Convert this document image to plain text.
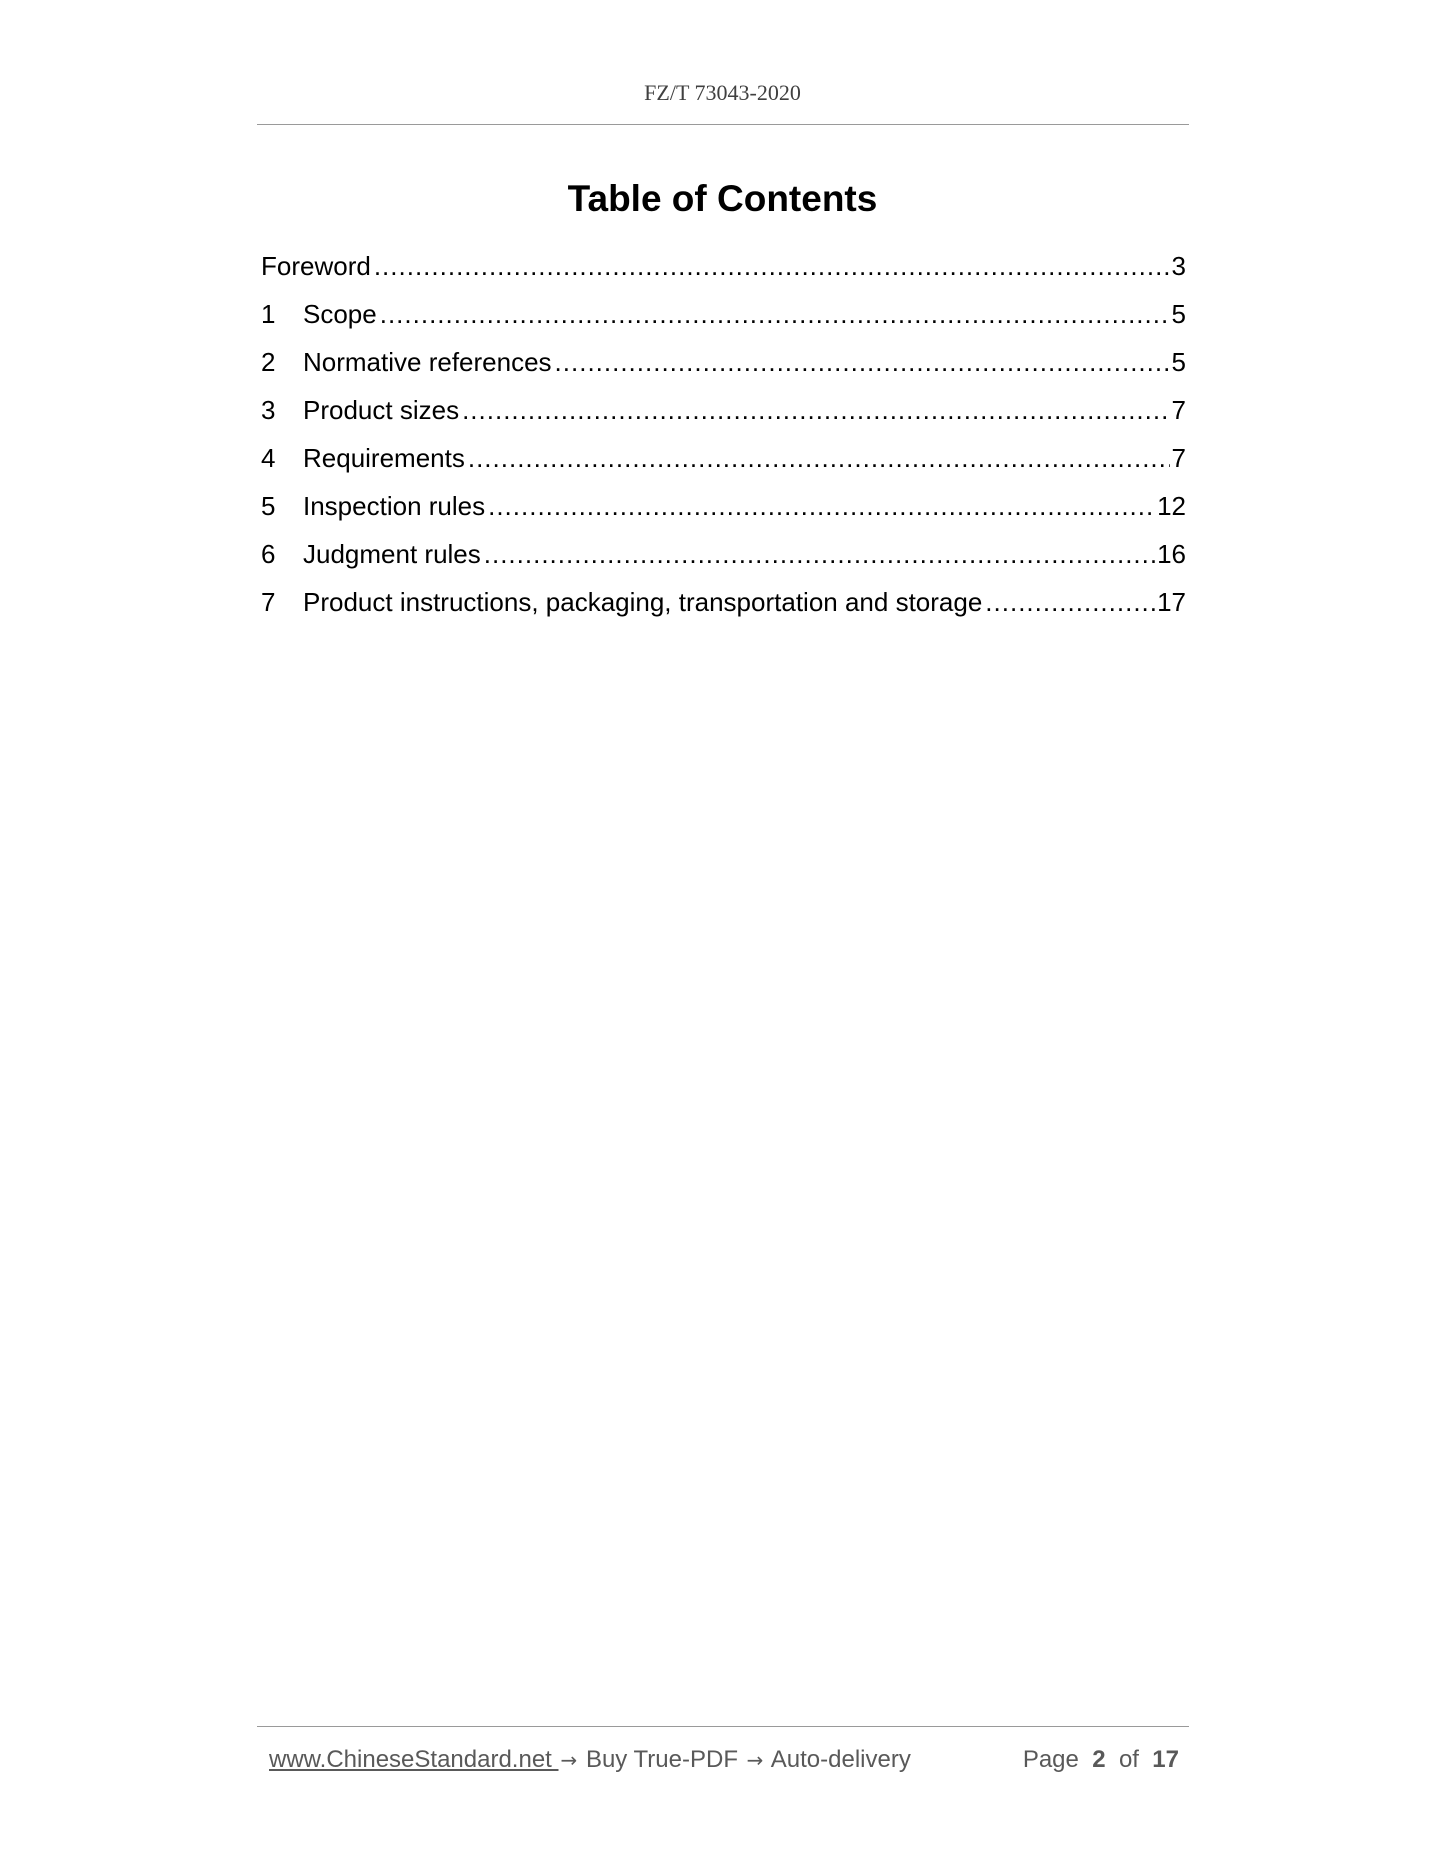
FZ/T 73043-2020
Table of Contents
Foreword .....	3
1	Scope .....	5
2	Normative references .....	5
3	Product sizes .....	7
4	Requirements .....	7
5	Inspection rules .....	12
6	Judgment rules .....	16
7	Product instructions, packaging, transportation and storage .....	17
www.ChineseStandard.net → Buy True-PDF → Auto-delivery	Page 2 of 17
